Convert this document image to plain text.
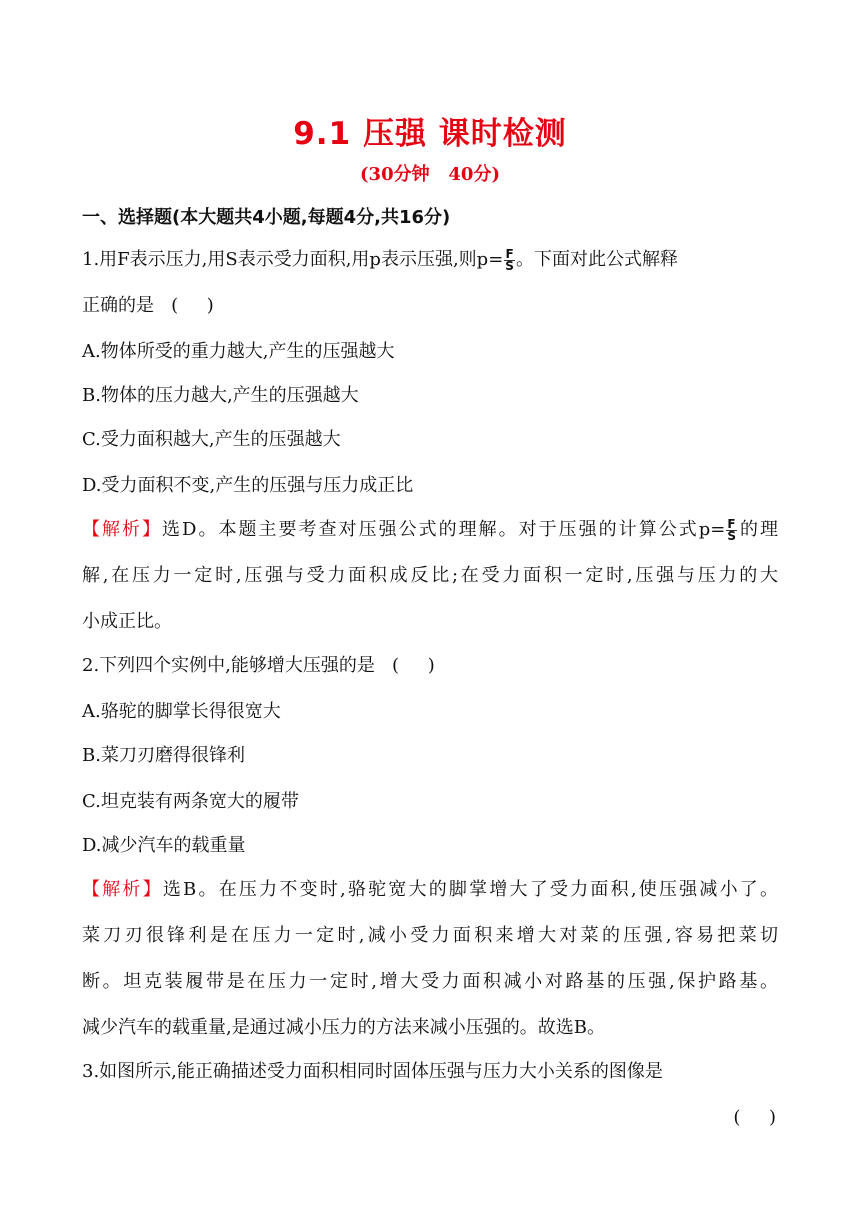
9.1 压强 课时检测
(30分钟   40分)
一、选择题(本大题共4小题,每题4分,共16分)
1.用F表示压力,用S表示受力面积,用p表示压强,则$p= \frac{F}{S}$ 。下面对此公式解释
正确的是   (     )
A.物体所受的重力越大,产生的压强越大
B.物体的压力越大,产生的压强越大
C.受力面积越大,产生的压强越大
D.受力面积不变,产生的压强与压力成正比
【解析】选D。本题主要考查对压强公式的理解。对于压强的计算公式$p= \frac{F}{S}$ 的理
解,在压力一定时,压强与受力面积成反比;在受力面积一定时,压强与压力的大
小成正比。
2.下列四个实例中,能够增大压强的是   (     )
A.骆驼的脚掌长得很宽大
B.菜刀刃磨得很锋利
C.坦克装有两条宽大的履带
D.减少汽车的载重量
【解析】选B。在压力不变时,骆驼宽大的脚掌增大了受力面积,使压强减小了。
菜刀刃很锋利是在压力一定时,减小受力面积来增大对菜的压强,容易把菜切
断。坦克装履带是在压力一定时,增大受力面积减小对路基的压强,保护路基。
减少汽车的载重量,是通过减小压力的方法来减小压强的。故选B。
3.如图所示,能正确描述受力面积相同时固体压强与压力大小关系的图像是
(     )
